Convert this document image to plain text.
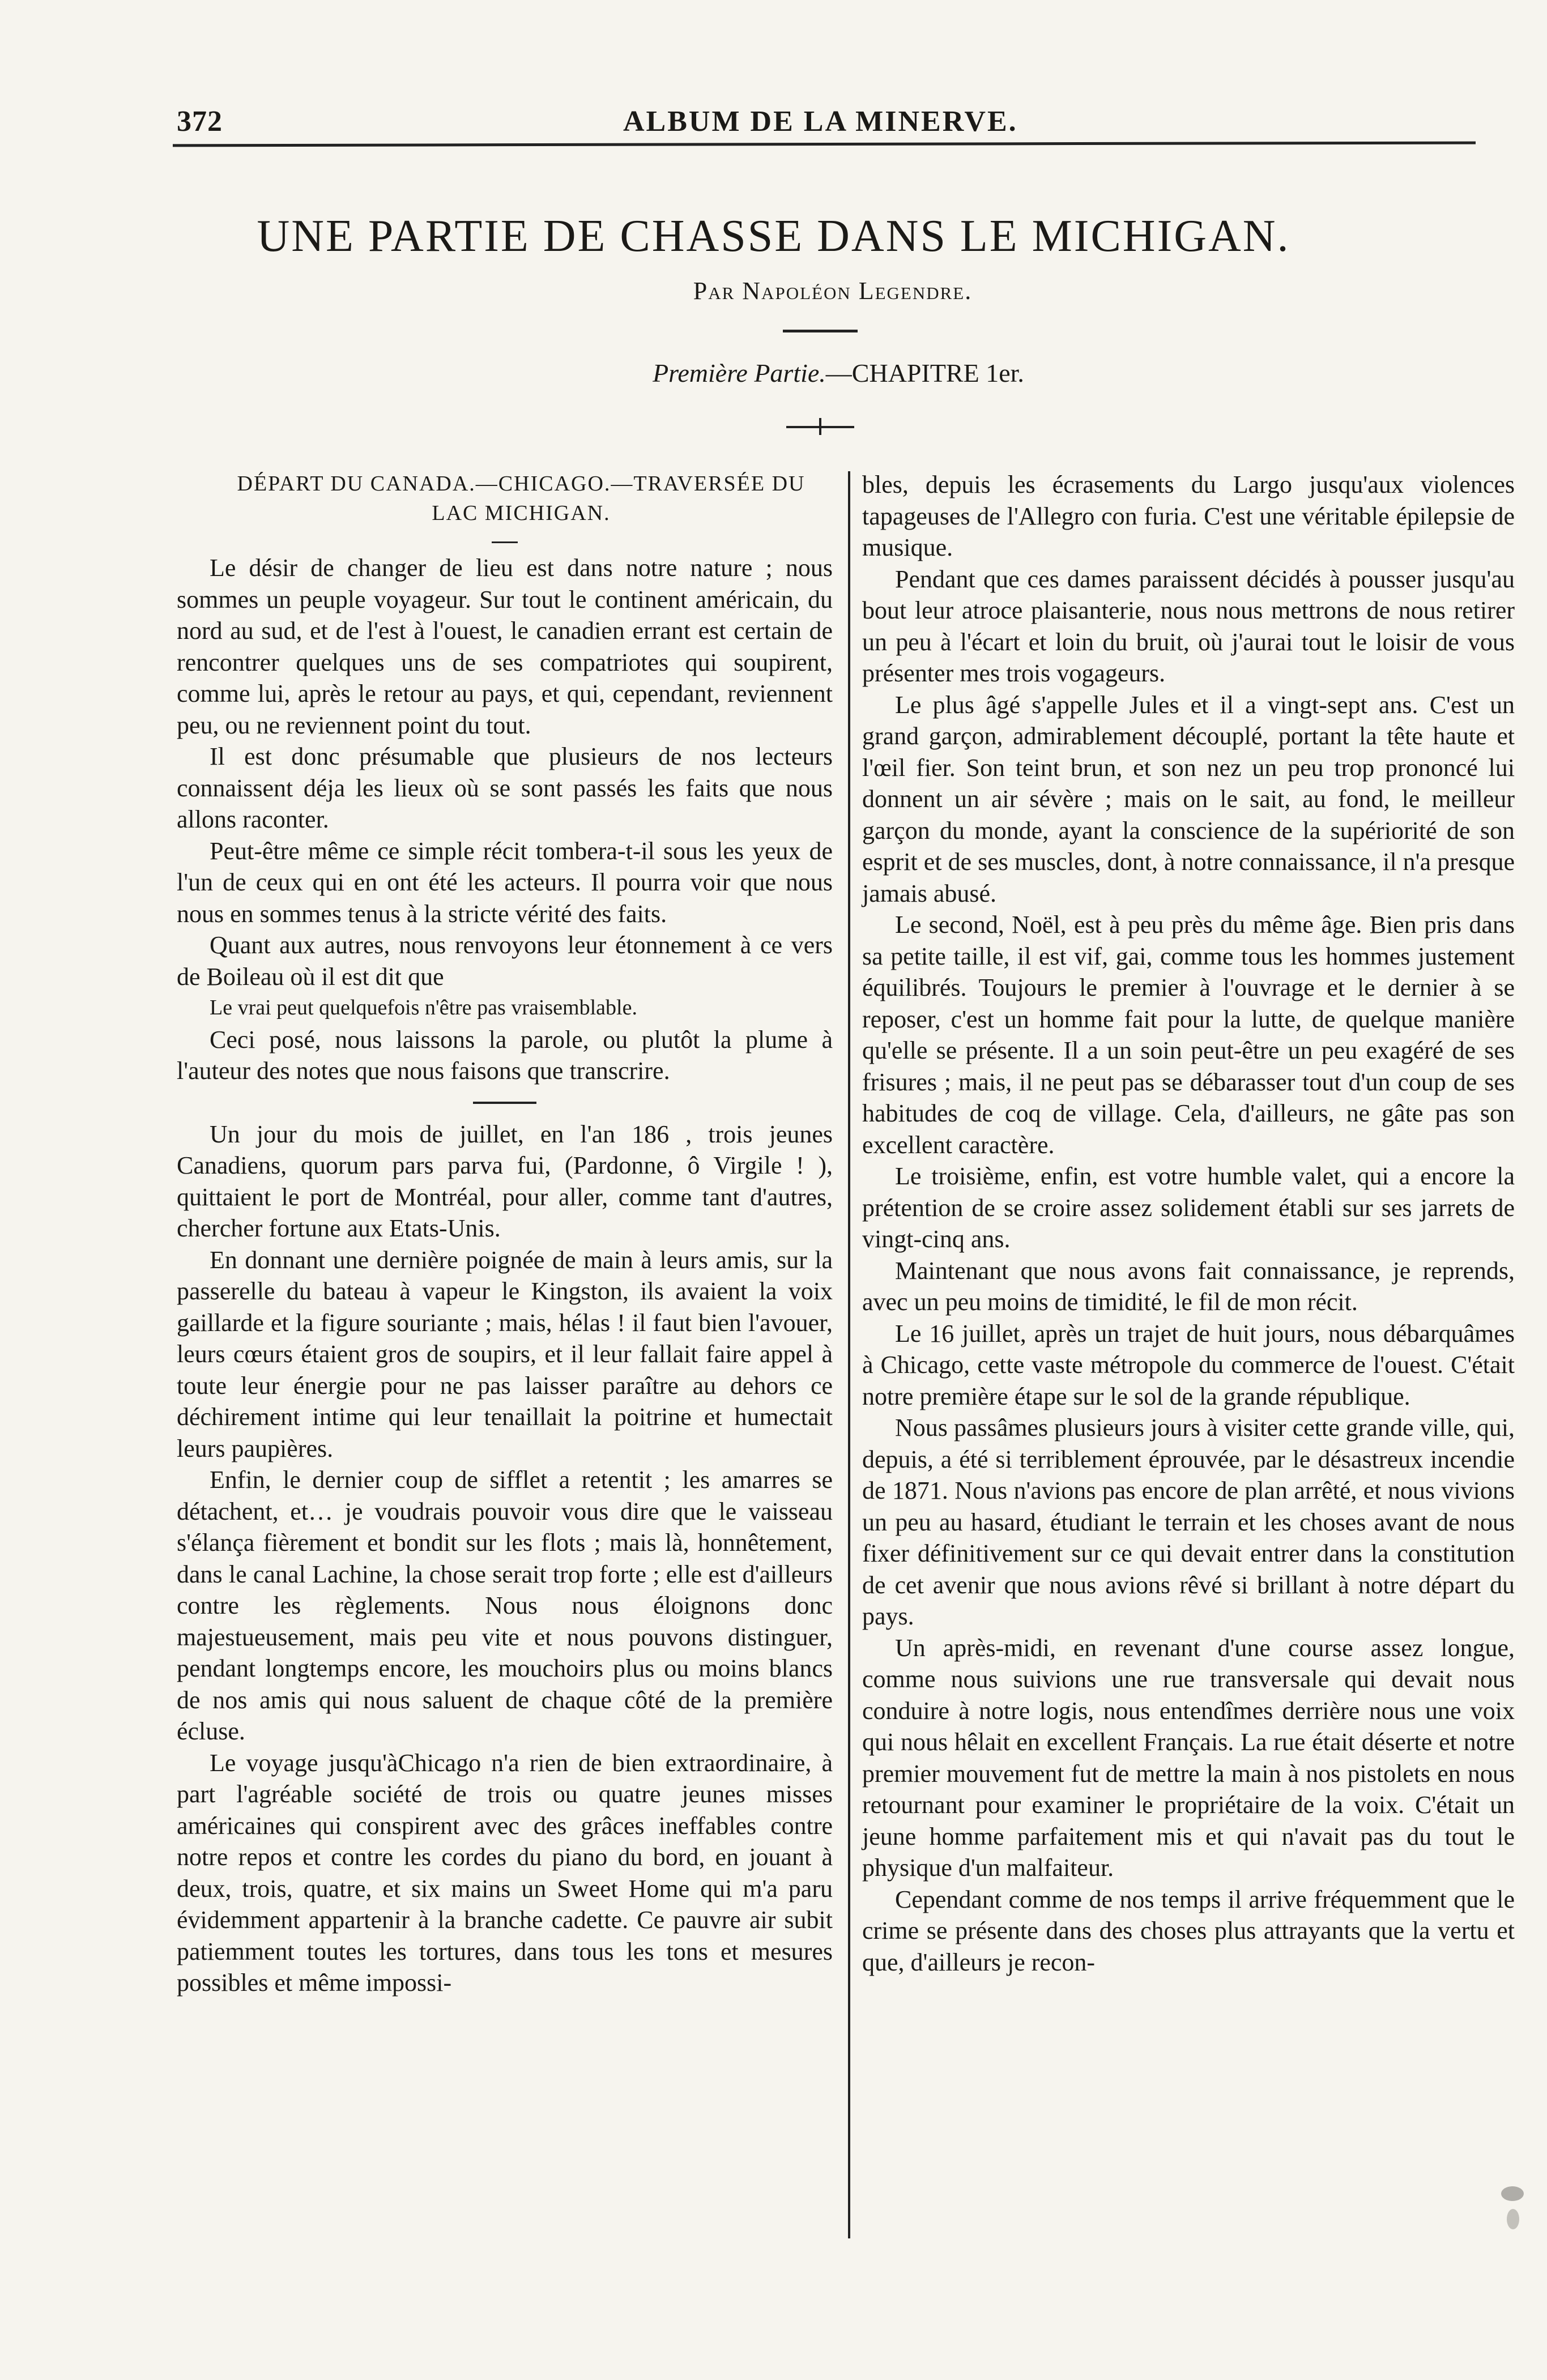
372	ALBUM DE LA MINERVE.
UNE PARTIE DE CHASSE DANS LE MICHIGAN.
Par Napoléon Legendre.
Première Partie.—CHAPITRE 1er.

DÉPART DU CANADA.—CHICAGO.—TRAVERSÉE DU

LAC MICHIGAN.

Le désir de changer de lieu est dans notre nature ; nous sommes un peuple voyageur. Sur tout le continent américain, du nord au sud, et de l'est à l'ouest, le canadien errant est certain de rencontrer quelques uns de ses compatriotes qui soupirent, comme lui, après le retour au pays, et qui, cependant, reviennent peu, ou ne reviennent point du tout.

Il est donc présumable que plusieurs de nos lecteurs connaissent déja les lieux où se sont passés les faits que nous allons raconter.

Peut-être même ce simple récit tombera-t-il sous les yeux de l'un de ceux qui en ont été les acteurs. Il pourra voir que nous nous en sommes tenus à la stricte vérité des faits.

Quant aux autres, nous renvoyons leur étonnement à ce vers de Boileau où il est dit que

Le vrai peut quelquefois n'être pas vraisemblable.

Ceci posé, nous laissons la parole, ou plutôt la plume à l'auteur des notes que nous faisons que transcrire.

Un jour du mois de juillet, en l'an 186 , trois jeunes Canadiens, quorum pars parva fui, (Pardonne, ô Virgile ! ), quittaient le port de Montréal, pour aller, comme tant d'autres, chercher fortune aux Etats-Unis.

En donnant une dernière poignée de main à leurs amis, sur la passerelle du bateau à vapeur le Kingston, ils avaient la voix gaillarde et la figure souriante ; mais, hélas ! il faut bien l'avouer, leurs cœurs étaient gros de soupirs, et il leur fallait faire appel à toute leur énergie pour ne pas laisser paraître au dehors ce déchirement intime qui leur tenaillait la poitrine et humectait leurs paupières.

Enfin, le dernier coup de sifflet a retentit ; les amarres se détachent, et… je voudrais pouvoir vous dire que le vaisseau s'élança fièrement et bondit sur les flots ; mais là, honnêtement, dans le canal Lachine, la chose serait trop forte ; elle est d'ailleurs contre les règlements. Nous nous éloignons donc majestueusement, mais peu vite et nous pouvons distinguer, pendant longtemps encore, les mouchoirs plus ou moins blancs de nos amis qui nous saluent de chaque côté de la première écluse.

Le voyage jusqu'àChicago n'a rien de bien extraordinaire, à part l'agréable société de trois ou quatre jeunes misses américaines qui conspirent avec des grâces ineffables contre notre repos et contre les cordes du piano du bord, en jouant à deux, trois, quatre, et six mains un Sweet Home qui m'a paru évidemment appartenir à la branche cadette. Ce pauvre air subit patiemment toutes les tortures, dans tous les tons et mesures possibles et même impossi-

bles, depuis les écrasements du Largo jusqu'aux violences tapageuses de l'Allegro con furia. C'est une véritable épilepsie de musique.

Pendant que ces dames paraissent décidés à pousser jusqu'au bout leur atroce plaisanterie, nous nous mettrons de nous retirer un peu à l'écart et loin du bruit, où j'aurai tout le loisir de vous présenter mes trois vogageurs.

Le plus âgé s'appelle Jules et il a vingt-sept ans. C'est un grand garçon, admirablement découplé, portant la tête haute et l'œil fier. Son teint brun, et son nez un peu trop prononcé lui donnent un air sévère ; mais on le sait, au fond, le meilleur garçon du monde, ayant la conscience de la supériorité de son esprit et de ses muscles, dont, à notre connaissance, il n'a presque jamais abusé.

Le second, Noël, est à peu près du même âge. Bien pris dans sa petite taille, il est vif, gai, comme tous les hommes justement équilibrés. Toujours le premier à l'ouvrage et le dernier à se reposer, c'est un homme fait pour la lutte, de quelque manière qu'elle se présente. Il a un soin peut-être un peu exagéré de ses frisures ; mais, il ne peut pas se débarasser tout d'un coup de ses habitudes de coq de village. Cela, d'ailleurs, ne gâte pas son excellent caractère.

Le troisième, enfin, est votre humble valet, qui a encore la prétention de se croire assez solidement établi sur ses jarrets de vingt-cinq ans.

Maintenant que nous avons fait connaissance, je reprends, avec un peu moins de timidité, le fil de mon récit.

Le 16 juillet, après un trajet de huit jours, nous débarquâmes à Chicago, cette vaste métropole du commerce de l'ouest. C'était notre première étape sur le sol de la grande république.

Nous passâmes plusieurs jours à visiter cette grande ville, qui, depuis, a été si terriblement éprouvée, par le désastreux incendie de 1871. Nous n'avions pas encore de plan arrêté, et nous vivions un peu au hasard, étudiant le terrain et les choses avant de nous fixer définitivement sur ce qui devait entrer dans la constitution de cet avenir que nous avions rêvé si brillant à notre départ du pays.

Un après-midi, en revenant d'une course assez longue, comme nous suivions une rue transversale qui devait nous conduire à notre logis, nous entendîmes derrière nous une voix qui nous hêlait en excellent Français. La rue était déserte et notre premier mouvement fut de mettre la main à nos pistolets en nous retournant pour examiner le propriétaire de la voix. C'était un jeune homme parfaitement mis et qui n'avait pas du tout le physique d'un malfaiteur.

Cependant comme de nos temps il arrive fréquemment que le crime se présente dans des choses plus attrayants que la vertu et que, d'ailleurs je recon-
